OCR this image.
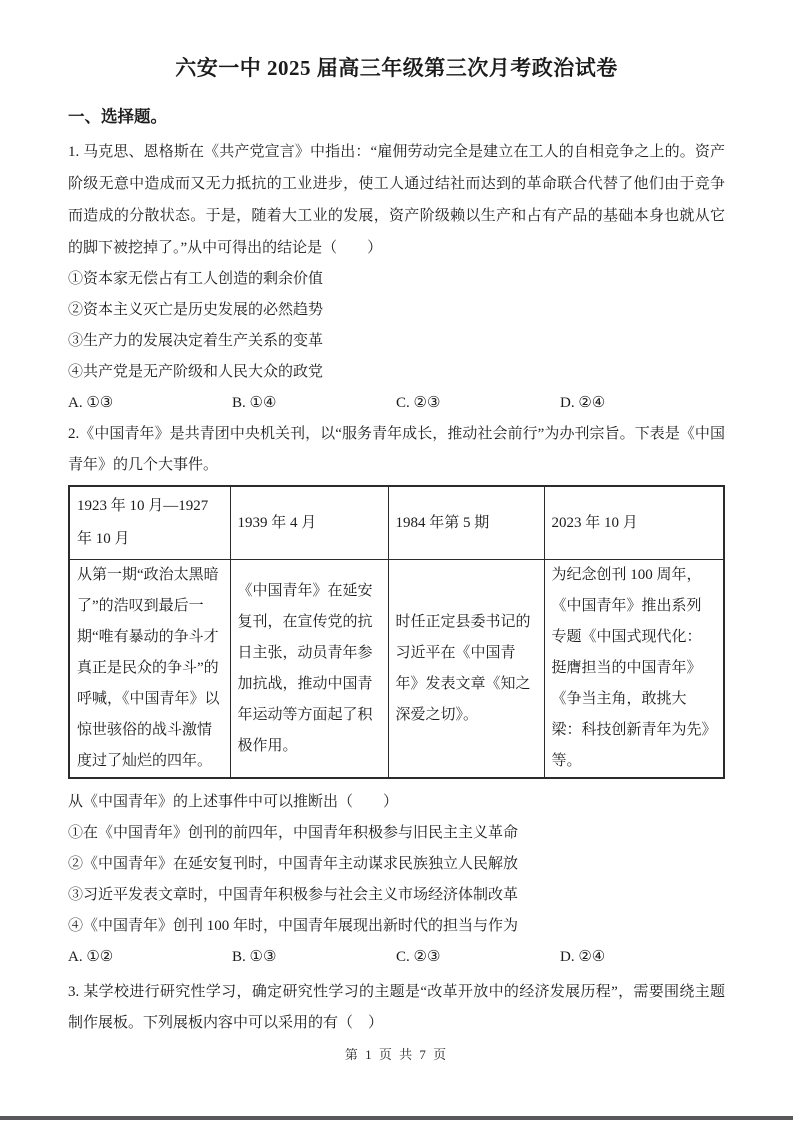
六安一中 2025 届高三年级第三次月考政治试卷
一、选择题。
1. 马克思、恩格斯在《共产党宣言》中指出：“雇佣劳动完全是建立在工人的自相竞争之上的。资产阶级无意中造成而又无力抵抗的工业进步，使工人通过结社而达到的革命联合代替了他们由于竞争而造成的分散状态。于是，随着大工业的发展，资产阶级赖以生产和占有产品的基础本身也就从它的脚下被挖掉了。”从中可得出的结论是（　　）
①资本家无偿占有工人创造的剩余价值
②资本主义灭亡是历史发展的必然趋势
③生产力的发展决定着生产关系的变革
④共产党是无产阶级和人民大众的政党
A. ①③	B. ①④	C. ②③	D. ②④
2.《中国青年》是共青团中央机关刊，以“服务青年成长，推动社会前行”为办刊宗旨。下表是《中国青年》的几个大事件。
1923 年 10 月—1927 年 10 月	1939 年 4 月	1984 年第 5 期	2023 年 10 月
从第一期“政治太黑暗了”的浩叹到最后一期“唯有暴动的争斗才真正是民众的争斗”的呼喊，《中国青年》以惊世骇俗的战斗激情度过了灿烂的四年。	《中国青年》在延安复刊，在宣传党的抗日主张，动员青年参加抗战，推动中国青年运动等方面起了积极作用。	时任正定县委书记的习近平在《中国青年》发表文章《知之深爱之切》。	为纪念创刊 100 周年，《中国青年》推出系列专题《中国式现代化：挺膺担当的中国青年》《争当主角，敢挑大梁：科技创新青年为先》等。
从《中国青年》的上述事件中可以推断出（　　）
①在《中国青年》创刊的前四年，中国青年积极参与旧民主主义革命
②《中国青年》在延安复刊时，中国青年主动谋求民族独立人民解放
③习近平发表文章时，中国青年积极参与社会主义市场经济体制改革
④《中国青年》创刊 100 年时，中国青年展现出新时代的担当与作为
A. ①②	B. ①③	C. ②③	D. ②④
3. 某学校进行研究性学习，确定研究性学习的主题是“改革开放中的经济发展历程”，需要围绕主题制作展板。下列展板内容中可以采用的有（　）
第 1 页 共 7 页
